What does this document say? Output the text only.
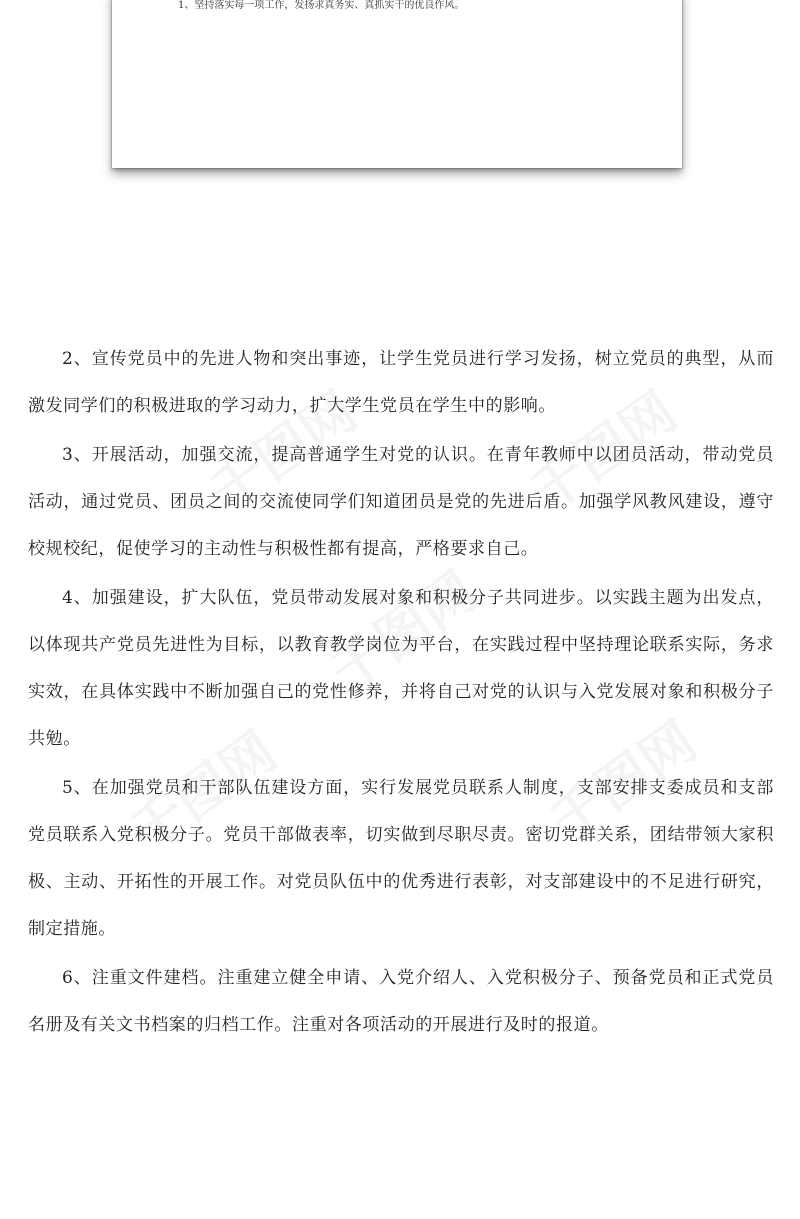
1、坚持落实每一项工作，发扬求真务实、真抓实干的优良作风。

2、宣传党员中的先进人物和突出事迹，让学生党员进行学习发扬，树立党员的典型，从而激发同学们的积极进取的学习动力，扩大学生党员在学生中的影响。

3、开展活动，加强交流，提高普通学生对党的认识。在青年教师中以团员活动，带动党员活动，通过党员、团员之间的交流使同学们知道团员是党的先进后盾。加强学风教风建设，遵守校规校纪，促使学习的主动性与积极性都有提高，严格要求自己。

4、加强建设，扩大队伍，党员带动发展对象和积极分子共同进步。以实践主题为出发点，以体现共产党员先进性为目标，以教育教学岗位为平台，在实践过程中坚持理论联系实际，务求实效，在具体实践中不断加强自己的党性修养，并将自己对党的认识与入党发展对象和积极分子共勉。

5、在加强党员和干部队伍建设方面，实行发展党员联系人制度，支部安排支委成员和支部党员联系入党积极分子。党员干部做表率，切实做到尽职尽责。密切党群关系，团结带领大家积极、主动、开拓性的开展工作。对党员队伍中的优秀进行表彰，对支部建设中的不足进行研究，制定措施。

6、注重文件建档。注重建立健全申请、入党介绍人、入党积极分子、预备党员和正式党员名册及有关文书档案的归档工作。注重对各项活动的开展进行及时的报道。
